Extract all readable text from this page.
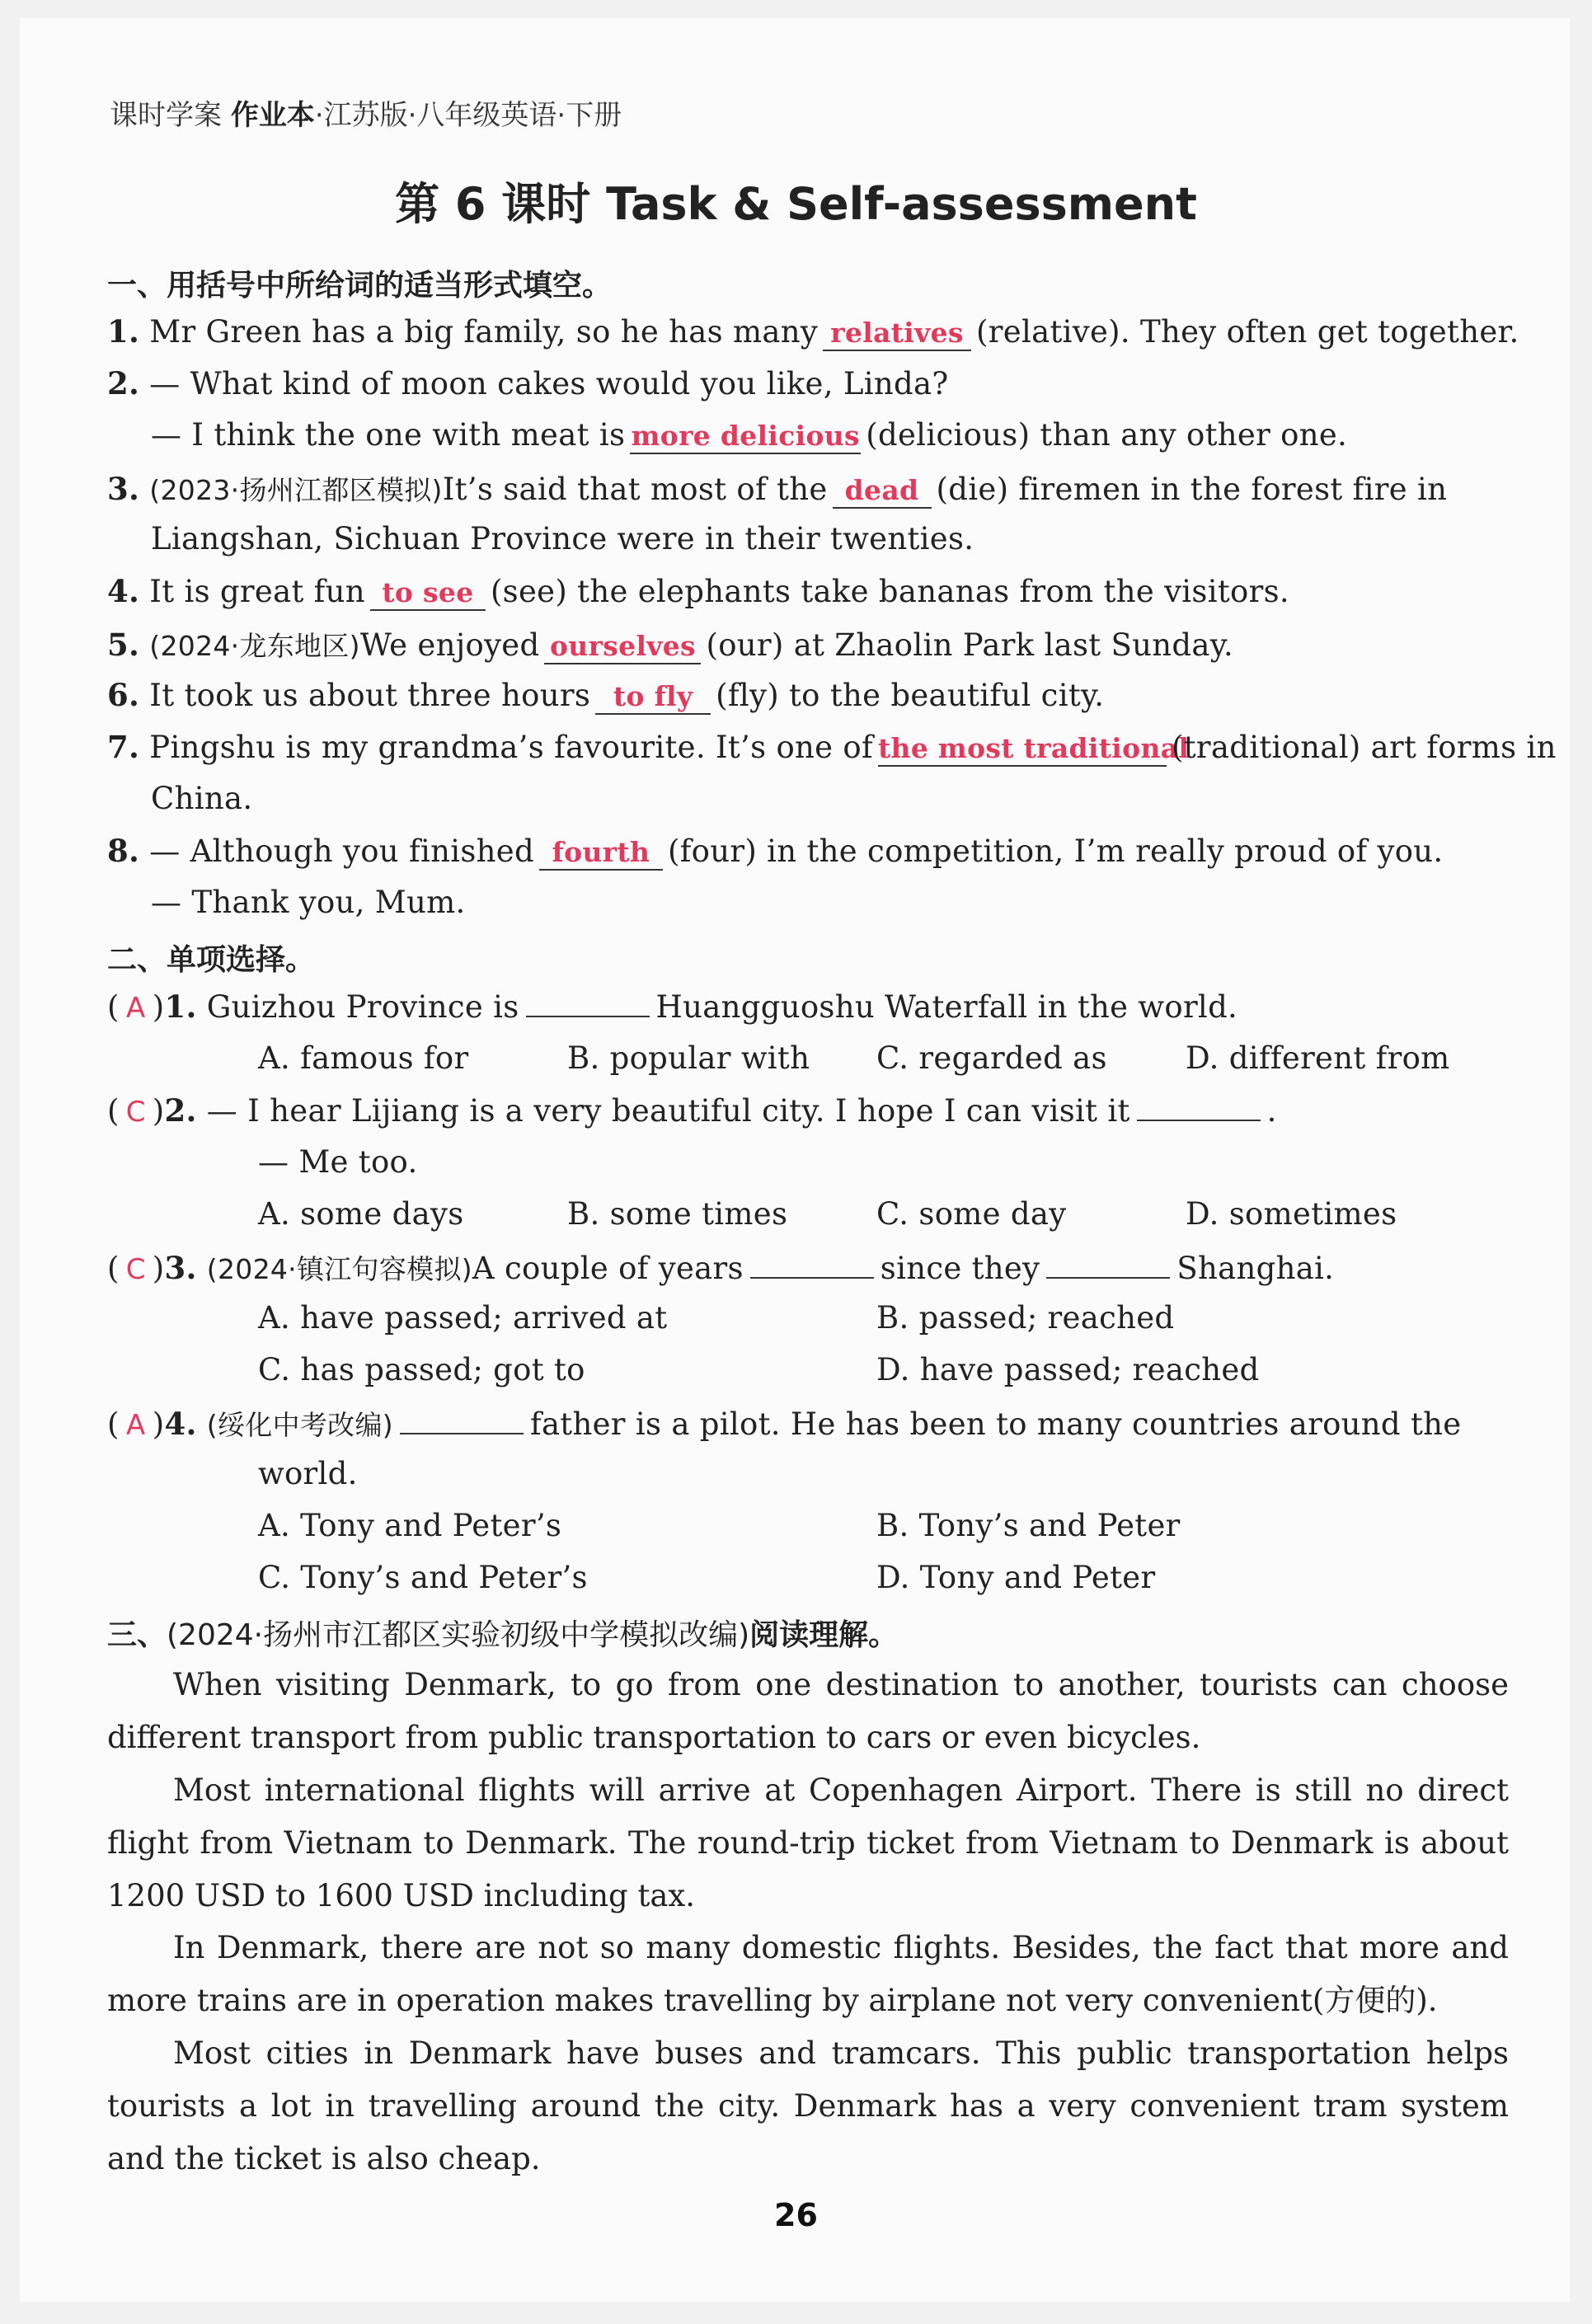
课时学案 作业本·江苏版·八年级英语·下册
第 6 课时 Task & Self-assessment
一、用括号中所给词的适当形式填空。
1. Mr Green has a big family, so he has many relatives (relative). They often get together.
2. — What kind of moon cakes would you like, Linda?
— I think the one with meat is more delicious (delicious) than any other one.
3. (2023·扬州江都区模拟)It’s said that most of the dead (die) firemen in the forest fire in
Liangshan, Sichuan Province were in their twenties.
4. It is great fun to see (see) the elephants take bananas from the visitors.
5. (2024·龙东地区)We enjoyed ourselves (our) at Zhaolin Park last Sunday.
6. It took us about three hours to fly (fly) to the beautiful city.
7. Pingshu is my grandma’s favourite. It’s one of the most traditional(traditional) art forms in
China.
8. — Although you finished fourth (four) in the competition, I’m really proud of you.
— Thank you, Mum.
二、单项选择。
( A )1. Guizhou Province is	Huangguoshu Waterfall in the world.
A. famous for	B. popular with C. regarded as	D. different from
( C )2. — I hear Lijiang is a very beautiful city. I hope I can visit it	.
— Me too.
A. some days	B. some times	C. some day	D. sometimes
( C )3. (2024·镇江句容模拟)A couple of years	since they	Shanghai.
A. have passed; arrived at	B. passed; reached
C. has passed; got to	D. have passed; reached
( A )4. (绥化中考改编)	father is a pilot. He has been to many countries around the
world.
A. Tony and Peter’s	B. Tony’s and Peter
C. Tony’s and Peter’s	D. Tony and Peter
三、(2024·扬州市江都区实验初级中学模拟改编)阅读理解。
When visiting Denmark, to go from one destination to another, tourists can choose different transport from public transportation to cars or even bicycles.
Most international flights will arrive at Copenhagen Airport. There is still no direct flight from Vietnam to Denmark. The round-trip ticket from Vietnam to Denmark is about 1200 USD to 1600 USD including tax.
In Denmark, there are not so many domestic flights. Besides, the fact that more and more trains are in operation makes travelling by airplane not very convenient(方便的).
Most cities in Denmark have buses and tramcars. This public transportation helps tourists a lot in travelling around the city. Denmark has a very convenient tram system and the ticket is also cheap.
26
